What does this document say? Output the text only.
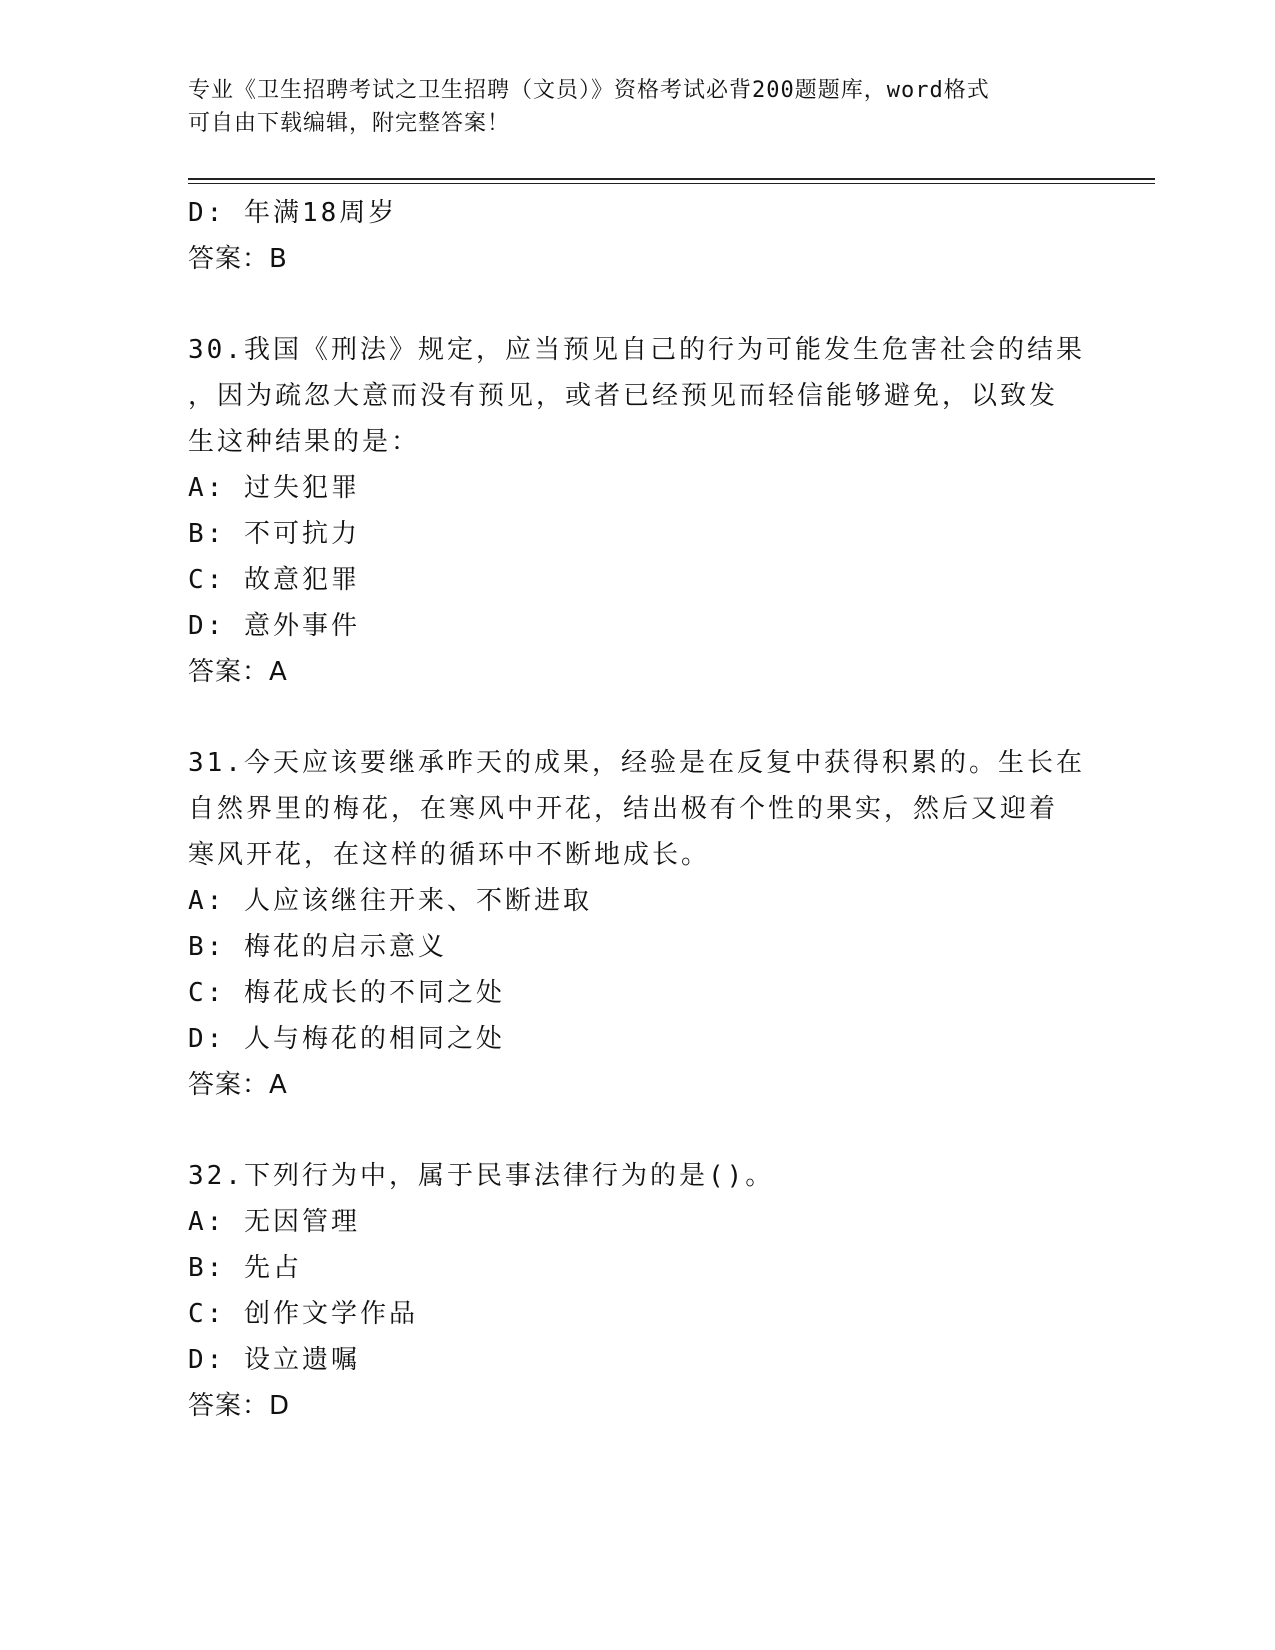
专业《卫生招聘考试之卫生招聘（文员）》资格考试必背200题题库，word格式
可自由下载编辑，附完整答案！
D: 年满18周岁
答案：B
30.我国《刑法》规定，应当预见自己的行为可能发生危害社会的结果
，因为疏忽大意而没有预见，或者已经预见而轻信能够避免，以致发
生这种结果的是：
A: 过失犯罪
B: 不可抗力
C: 故意犯罪
D: 意外事件
答案：A
31.今天应该要继承昨天的成果，经验是在反复中获得积累的。生长在
自然界里的梅花，在寒风中开花，结出极有个性的果实，然后又迎着
寒风开花，在这样的循环中不断地成长。
A: 人应该继往开来、不断进取
B: 梅花的启示意义
C: 梅花成长的不同之处
D: 人与梅花的相同之处
答案：A
32.下列行为中，属于民事法律行为的是()。
A: 无因管理
B: 先占
C: 创作文学作品
D: 设立遗嘱
答案：D
